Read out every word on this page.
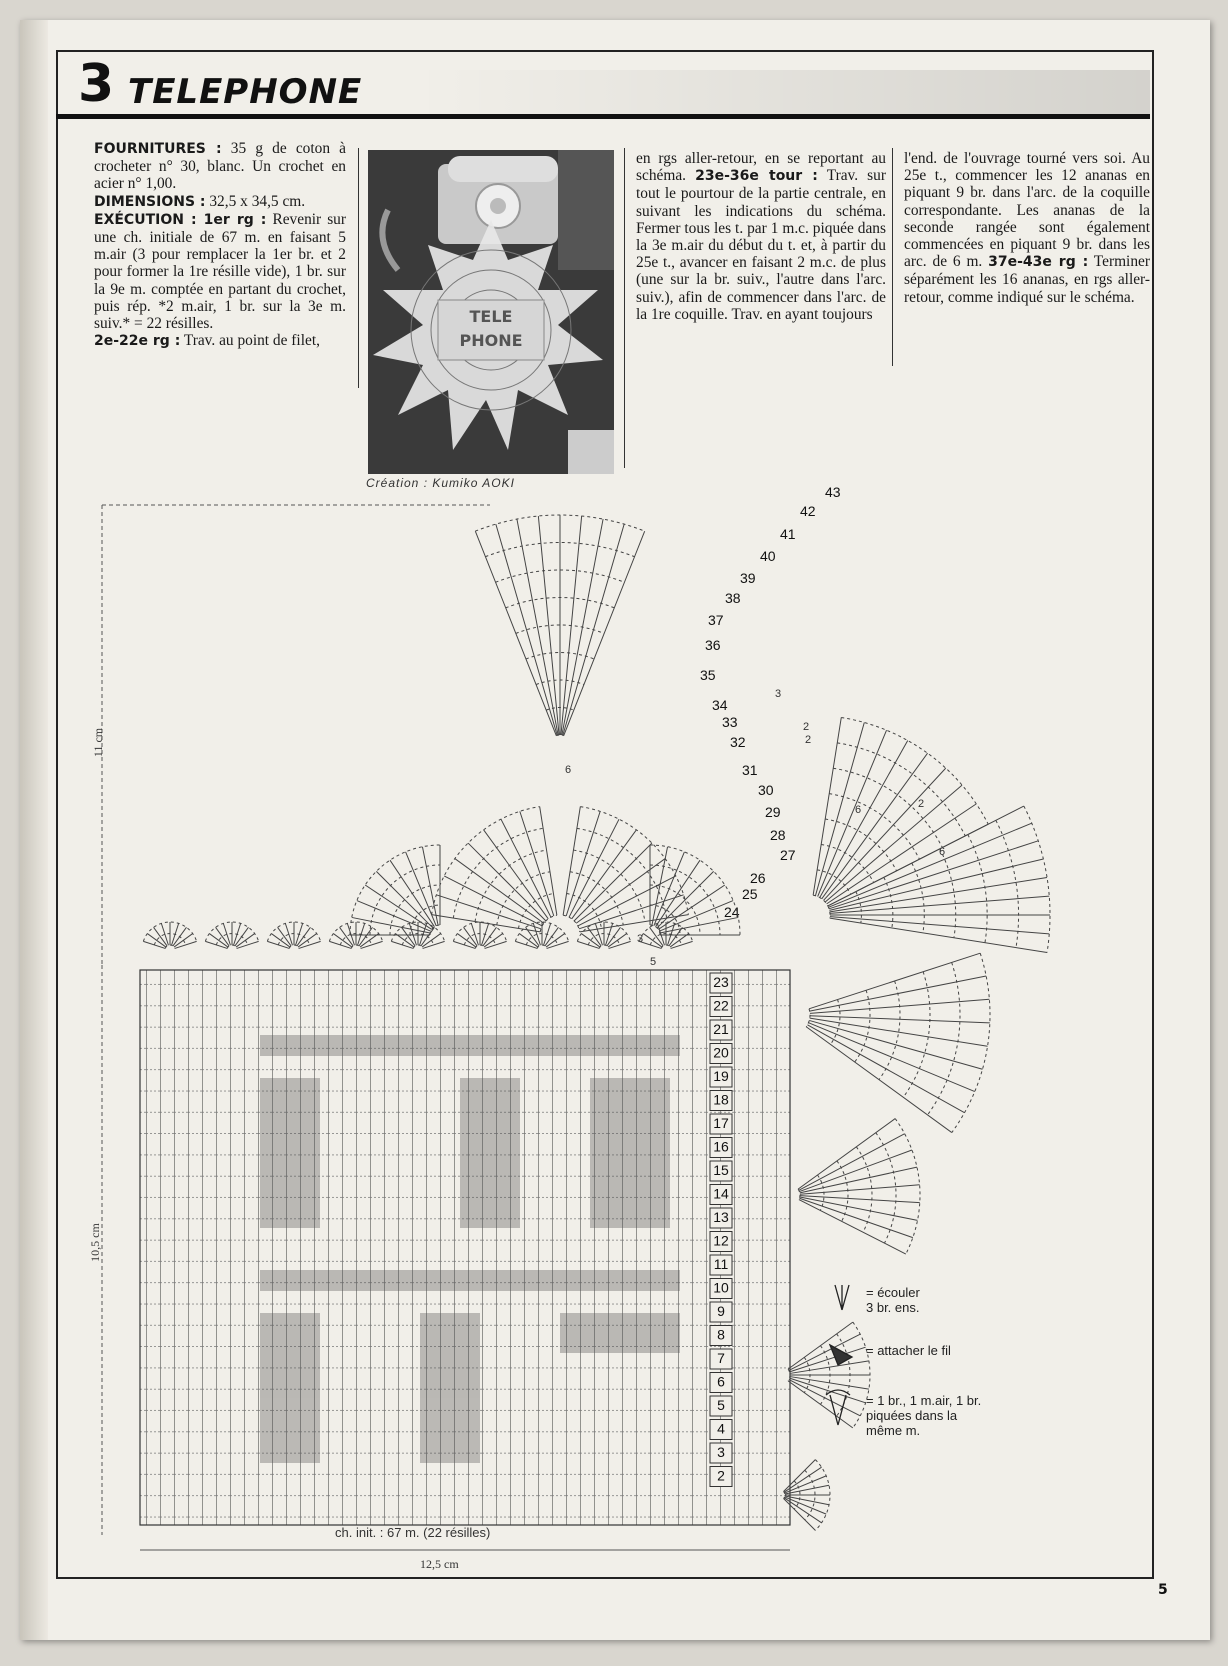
3 TELEPHONE

FOURNITURES : 35 g de coton à crocheter n° 30, blanc. Un crochet en acier n° 1,00.

DIMENSIONS : 32,5 x 34,5 cm.

EXÉCUTION : 1er rg : Revenir sur une ch. initiale de 67 m. en faisant 5 m.air (3 pour remplacer la 1er br. et 2 pour former la 1re résille vide), 1 br. sur la 9e m. comptée en partant du crochet, puis rép. *2 m.air, 1 br. sur la 3e m. suiv.* = 22 résilles.

2e-22e rg : Trav. au point de filet,

TELE
PHONE
Création : Kumiko AOKI

en rgs aller-retour, en se reportant au schéma. 23e-36e tour : Trav. sur tout le pourtour de la partie centrale, en suivant les indications du schéma. Fermer tous les t. par 1 m.c. piquée dans la 3e m.air du début du t. et, à partir du 25e t., avancer en faisant 2 m.c. de plus (une sur la br. suiv., l'autre dans l'arc. suiv.), afin de commencer dans l'arc. de la 1re coquille. Trav. en ayant toujours

l'end. de l'ouvrage tourné vers soi. Au 25e t., commencer les 12 ananas en piquant 9 br. dans l'arc. de la coquille correspondante. Les ananas de la seconde rangée sont également commencées en piquant 9 br. dans les arc. de 6 m. 37e-43e rg : Terminer séparément les 16 ananas, en rgs aller-retour, comme indiqué sur le schéma.

23
22
21
20
19
18
17
16
15
14
13
12
11
10
9
8
7
6
5
4
3
2
43
42
41
40
39
38
37
36
35
34
33
32
31
30
29
28
27
26
25
24
6
3
2
2
6	2
5
3
6
= écouler
3 br. ens.
= attacher le fil
= 1 br., 1 m.air, 1 br.
piquées dans la
même m.
ch. init. : 67 m. (22 résilles)
12,5 cm
11 cm
10,5 cm
5
